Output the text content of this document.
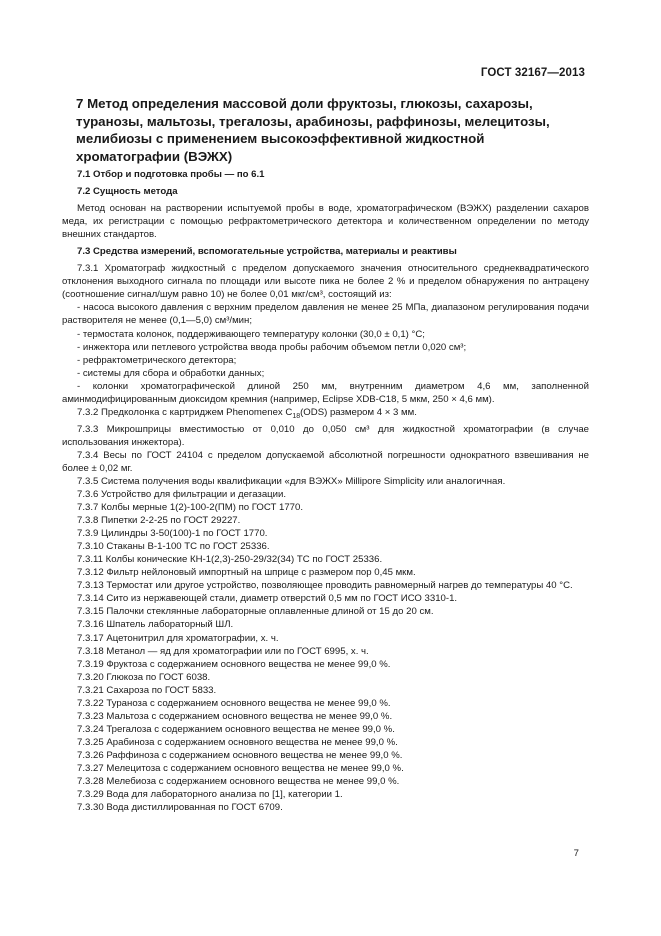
ГОСТ 32167—2013
7 Метод определения массовой доли фруктозы, глюкозы, сахарозы, туранозы, мальтозы, трегалозы, арабинозы, раффинозы, мелецитозы, мелибиозы с применением высокоэффективной жидкостной хроматографии (ВЭЖХ)

7.1 Отбор и подготовка пробы — по 6.1

7.2 Сущность метода

Метод основан на растворении испытуемой пробы в воде, хроматографическом (ВЭЖХ) разделении сахаров меда, их регистрации с помощью рефрактометрического детектора и количественном определении по методу внешних стандартов.

7.3 Средства измерений, вспомогательные устройства, материалы и реактивы

7.3.1 Хроматограф жидкостный с пределом допускаемого значения относительного среднеквадратического отклонения выходного сигнала по площади или высоте пика не более 2 % и пределом обнаружения по антрацену (соотношение сигнал/шум равно 10) не более 0,01 мкг/см³, состоящий из:

- насоса высокого давления с верхним пределом давления не менее 25 МПа, диапазоном регулирования подачи растворителя не менее (0,1—5,0) см³/мин;

- термостата колонок, поддерживающего температуру колонки (30,0 ± 0,1) °С;

- инжектора или петлевого устройства ввода пробы рабочим объемом петли 0,020 см³;

- рефрактометрического детектора;

- системы для сбора и обработки данных;

- колонки хроматографической длиной 250 мм, внутренним диаметром 4,6 мм, заполненной аминмодифицированным диоксидом кремния (например, Eclipse XDB-C18, 5 мкм, 250 × 4,6 мм).

7.3.2 Предколонка с картриджем Phenomenex $C_{18}(ODS)$ размером 4 × 3 мм.

7.3.3 Микрошприцы вместимостью от 0,010 до 0,050 см³ для жидкостной хроматографии (в случае использования инжектора).

7.3.4 Весы по ГОСТ 24104 с пределом допускаемой абсолютной погрешности однократного взвешивания не более ± 0,02 мг.

7.3.5 Система получения воды квалификации «для ВЭЖХ» Millipore Simplicity или аналогичная.

7.3.6 Устройство для фильтрации и дегазации.

7.3.7 Колбы мерные 1(2)-100-2(ПМ) по ГОСТ 1770.

7.3.8 Пипетки 2-2-25 по ГОСТ 29227.

7.3.9 Цилиндры 3-50(100)-1 по ГОСТ 1770.

7.3.10 Стаканы В-1-100 ТС по ГОСТ 25336.

7.3.11 Колбы конические КН-1(2,3)-250-29/32(34) ТС по ГОСТ 25336.

7.3.12 Фильтр нейлоновый импортный на шприце с размером пор 0,45 мкм.

7.3.13 Термостат или другое устройство, позволяющее проводить равномерный нагрев до температуры 40 °С.

7.3.14 Сито из нержавеющей стали, диаметр отверстий 0,5 мм по ГОСТ ИСО 3310-1.

7.3.15 Палочки стеклянные лабораторные оплавленные длиной от 15 до 20 см.

7.3.16 Шпатель лабораторный ШЛ.

7.3.17 Ацетонитрил для хроматографии, х. ч.

7.3.18 Метанол — яд для хроматографии или по ГОСТ 6995, х. ч.

7.3.19 Фруктоза с содержанием основного вещества не менее 99,0 %.

7.3.20 Глюкоза по ГОСТ 6038.

7.3.21 Сахароза по ГОСТ 5833.

7.3.22 Туранозa с содержанием основного вещества не менее 99,0 %.

7.3.23 Мальтоза с содержанием основного вещества не менее 99,0 %.

7.3.24 Трегалоза с содержанием основного вещества не менее 99,0 %.

7.3.25 Арабиноза с содержанием основного вещества не менее 99,0 %.

7.3.26 Раффиноза с содержанием основного вещества не менее 99,0 %.

7.3.27 Мелецитоза с содержанием основного вещества не менее 99,0 %.

7.3.28 Мелебиоза с содержанием основного вещества не менее 99,0 %.

7.3.29 Вода для лабораторного анализа по [1], категории 1.

7.3.30 Вода дистиллированная по ГОСТ 6709.

7
